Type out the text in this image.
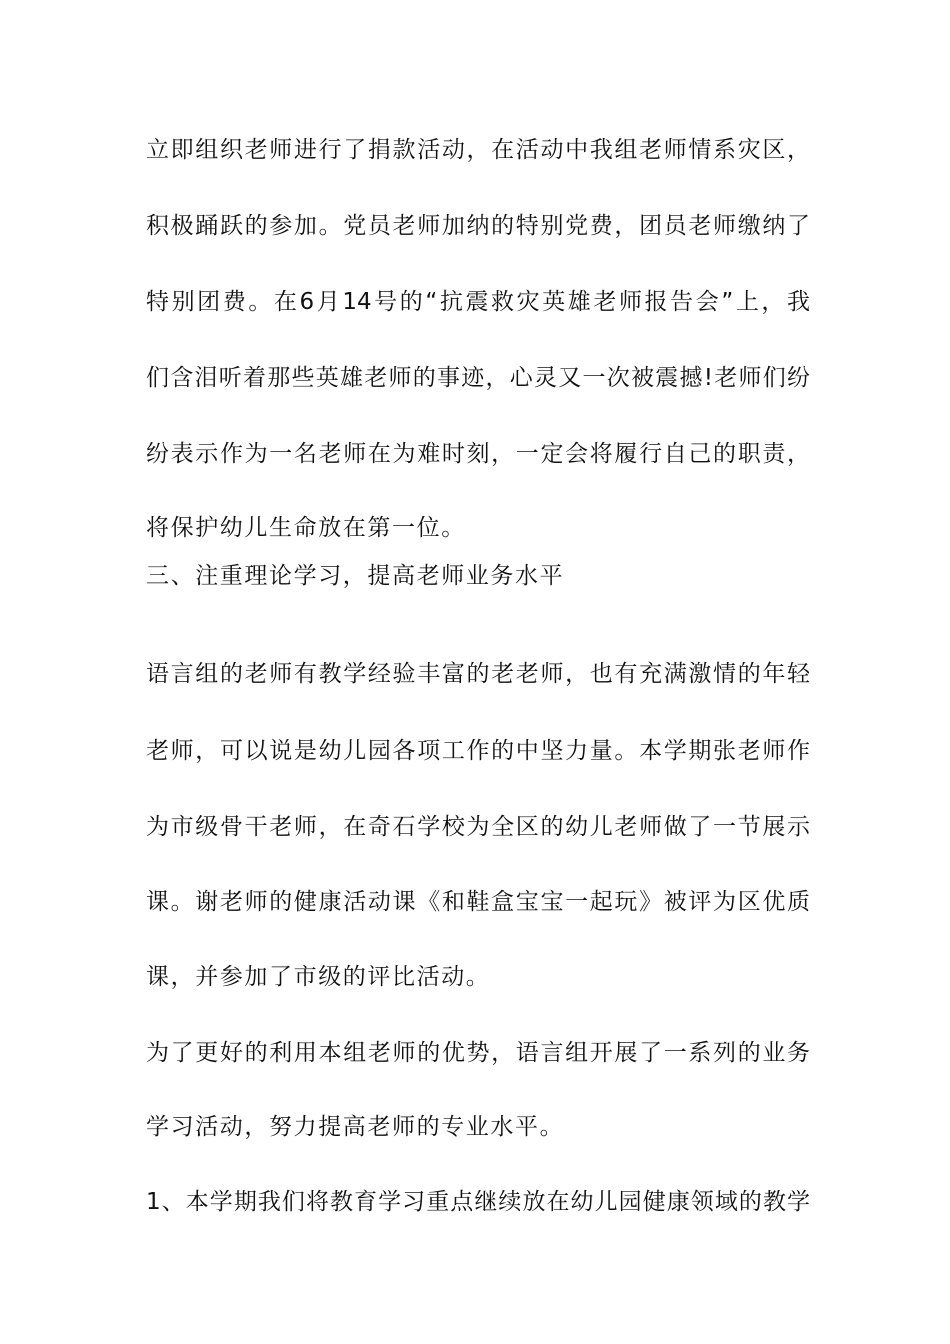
立即组织老师进行了捐款活动，在活动中我组老师情系灾区，
积极踊跃的参加。党员老师加纳的特别党费，团员老师缴纳了
特别团费。在6月14号的“抗震救灾英雄老师报告会”上，我
们含泪听着那些英雄老师的事迹，心灵又一次被震撼!老师们纷
纷表示作为一名老师在为难时刻，一定会将履行自己的职责，
将保护幼儿生命放在第一位。
三、注重理论学习，提高老师业务水平
语言组的老师有教学经验丰富的老老师，也有充满激情的年轻
老师，可以说是幼儿园各项工作的中坚力量。本学期张老师作
为市级骨干老师，在奇石学校为全区的幼儿老师做了一节展示
课。谢老师的健康活动课《和鞋盒宝宝一起玩》被评为区优质
课，并参加了市级的评比活动。
为了更好的利用本组老师的优势，语言组开展了一系列的业务
学习活动，努力提高老师的专业水平。
1、本学期我们将教育学习重点继续放在幼儿园健康领域的教学
